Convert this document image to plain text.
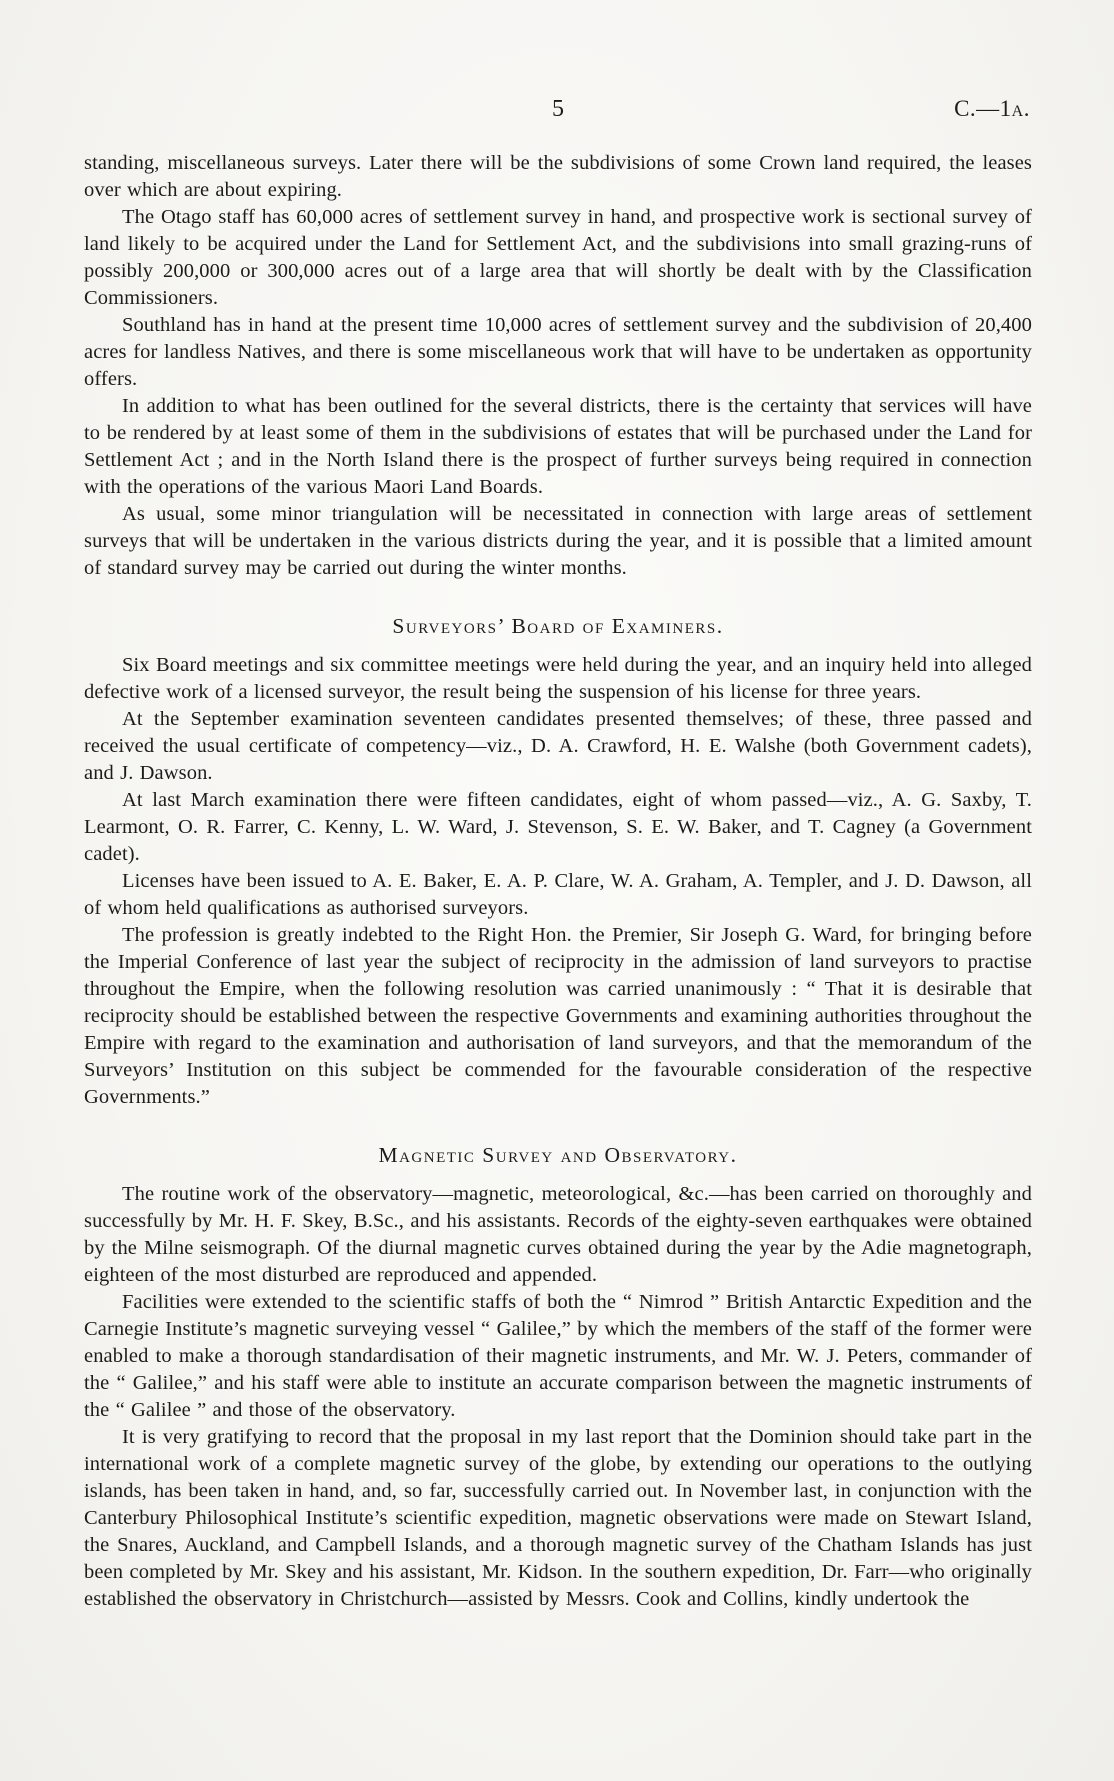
5	C.—1a.

standing, miscellaneous surveys. Later there will be the subdivisions of some Crown land required, the leases over which are about expiring.

The Otago staff has 60,000 acres of settlement survey in hand, and prospective work is sectional survey of land likely to be acquired under the Land for Settlement Act, and the subdivisions into small grazing-runs of possibly 200,000 or 300,000 acres out of a large area that will shortly be dealt with by the Classification Commissioners.

Southland has in hand at the present time 10,000 acres of settlement survey and the subdivision of 20,400 acres for landless Natives, and there is some miscellaneous work that will have to be undertaken as opportunity offers.

In addition to what has been outlined for the several districts, there is the certainty that services will have to be rendered by at least some of them in the subdivisions of estates that will be purchased under the Land for Settlement Act ; and in the North Island there is the prospect of further surveys being required in connection with the operations of the various Maori Land Boards.

As usual, some minor triangulation will be necessitated in connection with large areas of settlement surveys that will be undertaken in the various districts during the year, and it is possible that a limited amount of standard survey may be carried out during the winter months.

Surveyors’ Board of Examiners.

Six Board meetings and six committee meetings were held during the year, and an inquiry held into alleged defective work of a licensed surveyor, the result being the suspension of his license for three years.

At the September examination seventeen candidates presented themselves; of these, three passed and received the usual certificate of competency—viz., D. A. Crawford, H. E. Walshe (both Government cadets), and J. Dawson.

At last March examination there were fifteen candidates, eight of whom passed—viz., A. G. Saxby, T. Learmont, O. R. Farrer, C. Kenny, L. W. Ward, J. Stevenson, S. E. W. Baker, and T. Cagney (a Government cadet).

Licenses have been issued to A. E. Baker, E. A. P. Clare, W. A. Graham, A. Templer, and J. D. Dawson, all of whom held qualifications as authorised surveyors.

The profession is greatly indebted to the Right Hon. the Premier, Sir Joseph G. Ward, for bringing before the Imperial Conference of last year the subject of reciprocity in the admission of land surveyors to practise throughout the Empire, when the following resolution was carried unanimously : “ That it is desirable that reciprocity should be established between the respective Governments and examining authorities throughout the Empire with regard to the examination and authorisation of land surveyors, and that the memorandum of the Surveyors’ Institution on this subject be commended for the favourable consideration of the respective Governments.”

Magnetic Survey and Observatory.

The routine work of the observatory—magnetic, meteorological, &c.—has been carried on thoroughly and successfully by Mr. H. F. Skey, B.Sc., and his assistants. Records of the eighty-seven earthquakes were obtained by the Milne seismograph. Of the diurnal magnetic curves obtained during the year by the Adie magnetograph, eighteen of the most disturbed are reproduced and appended.

Facilities were extended to the scientific staffs of both the “ Nimrod ” British Antarctic Expedition and the Carnegie Institute’s magnetic surveying vessel “ Galilee,” by which the members of the staff of the former were enabled to make a thorough standardisation of their magnetic instruments, and Mr. W. J. Peters, commander of the “ Galilee,” and his staff were able to institute an accurate comparison between the magnetic instruments of the “ Galilee ” and those of the observatory.

It is very gratifying to record that the proposal in my last report that the Dominion should take part in the international work of a complete magnetic survey of the globe, by extending our operations to the outlying islands, has been taken in hand, and, so far, successfully carried out. In November last, in conjunction with the Canterbury Philosophical Institute’s scientific expedition, magnetic observations were made on Stewart Island, the Snares, Auckland, and Campbell Islands, and a thorough magnetic survey of the Chatham Islands has just been completed by Mr. Skey and his assistant, Mr. Kidson. In the southern expedition, Dr. Farr—who originally established the observatory in Christchurch—assisted by Messrs. Cook and Collins, kindly undertook the
